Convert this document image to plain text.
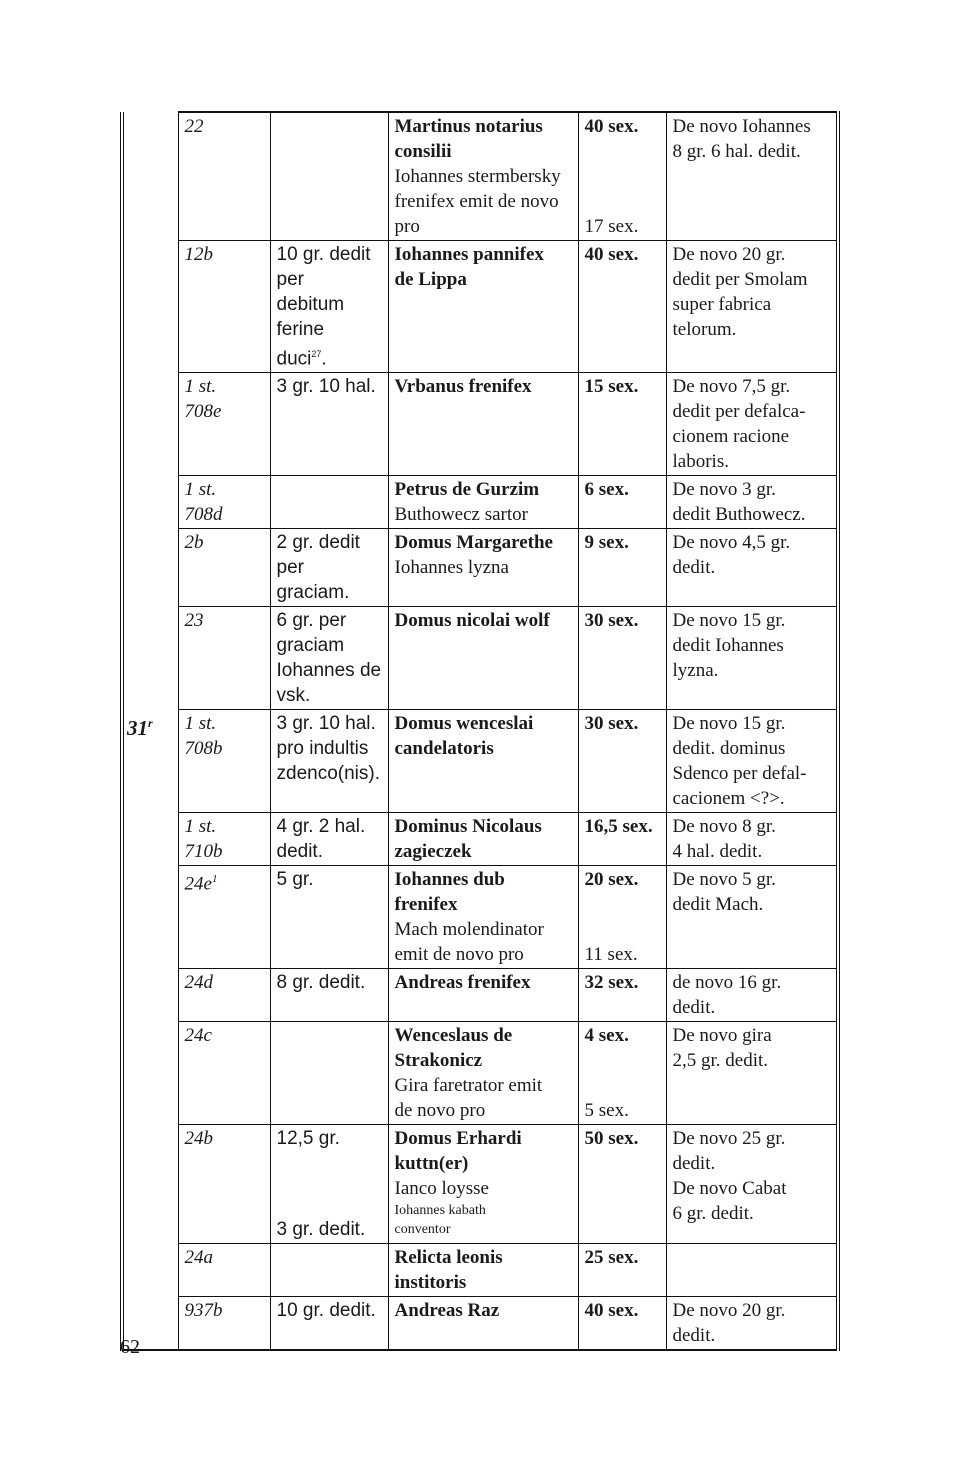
	22		Martinus notarius
consilii
Iohannes stermbersky
frenifex emit de novo
pro	40 sex.
17 sex.	De novo Iohannes
8 gr. 6 hal. dedit.

	12b	10 gr. dedit per
debitum ferine
duci$^{27}$.	Iohannes pannifex
de Lippa	40 sex.	De novo 20 gr.
dedit per Smolam
super fabrica
telorum.

	1 st.
708e	3 gr. 10 hal.	Vrbanus frenifex	15 sex.	De novo 7,5 gr.
dedit per defalca-
cionem racione
laboris.

	1 st.
708d		Petrus de Gurzim
Buthowecz sartor	6 sex.	De novo 3 gr.
dedit Buthowecz.

	2b	2 gr. dedit per
graciam.	Domus Margarethe
Iohannes lyzna	9 sex.	De novo 4,5 gr.
dedit.

	23	6 gr. per
graciam
Iohannes de
vsk.	Domus nicolai wolf	30 sex.	De novo 15 gr.
dedit Iohannes
lyzna.

31$^r$	1 st.
708b	3 gr. 10 hal.
pro indultis
zdenco(nis).	Domus wenceslai
candelatoris	30 sex.	De novo 15 gr.
dedit. dominus
Sdenco per defal-
cacionem <?>.

	1 st.
710b	4 gr. 2 hal.
dedit.	Dominus Nicolaus
zagieczek	16,5 sex.	De novo 8 gr.
4 hal. dedit.

	$24e^1$	5 gr.	Iohannes dub
frenifex
Mach molendinator
emit de novo pro	20 sex.
11 sex.	De novo 5 gr.
dedit Mach.

	24d	8 gr. dedit.	Andreas frenifex	32 sex.	de novo 16 gr.
dedit.

	24c		Wenceslaus de
Strakonicz
Gira faretrator emit
de novo pro	4 sex.
5 sex.	De novo gira
2,5 gr. dedit.

	24b	12,5 gr.
3 gr. dedit.	Domus Erhardi
kuttn(er)
Ianco loysse
Iohannes kabath
conventor	50 sex.	De novo 25 gr.
dedit.
De novo Cabat
6 gr. dedit.

	24a		Relicta leonis
institoris	25 sex.	

	937b	10 gr. dedit.	Andreas Raz	40 sex.	De novo 20 gr.
dedit.
62
